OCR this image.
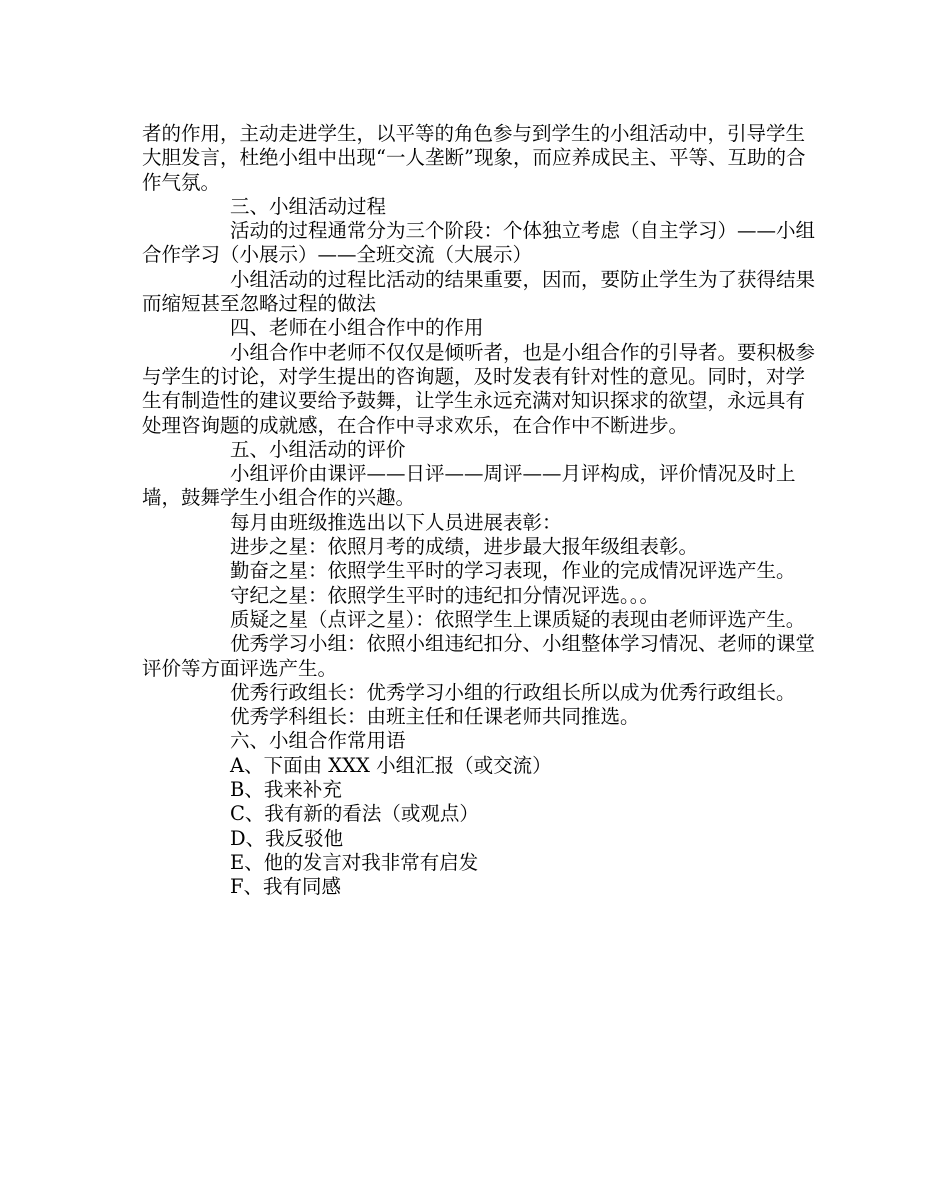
者的作用，主动走进学生，以平等的角色参与到学生的小组活动中，引导学生大胆发言，杜绝小组中出现“一人垄断”现象，而应养成民主、平等、互助的合作气氛。

三、小组活动过程

活动的过程通常分为三个阶段：个体独立考虑（自主学习）——小组合作学习（小展示）——全班交流（大展示）

小组活动的过程比活动的结果重要，因而，要防止学生为了获得结果而缩短甚至忽略过程的做法

四、老师在小组合作中的作用

小组合作中老师不仅仅是倾听者，也是小组合作的引导者。要积极参与学生的讨论，对学生提出的咨询题，及时发表有针对性的意见。同时，对学生有制造性的建议要给予鼓舞，让学生永远充满对知识探求的欲望，永远具有处理咨询题的成就感，在合作中寻求欢乐，在合作中不断进步。

五、小组活动的评价

小组评价由课评——日评——周评——月评构成，评价情况及时上墙，鼓舞学生小组合作的兴趣。

每月由班级推选出以下人员进展表彰：

进步之星：依照月考的成绩，进步最大报年级组表彰。

勤奋之星：依照学生平时的学习表现，作业的完成情况评选产生。

守纪之星：依照学生平时的违纪扣分情况评选。。。

质疑之星（点评之星）：依照学生上课质疑的表现由老师评选产生。

优秀学习小组：依照小组违纪扣分、小组整体学习情况、老师的课堂评价等方面评选产生。

优秀行政组长：优秀学习小组的行政组长所以成为优秀行政组长。

优秀学科组长：由班主任和任课老师共同推选。

六、小组合作常用语

A、下面由 XXX 小组汇报（或交流）

B、我来补充

C、我有新的看法（或观点）

D、我反驳他

E、他的发言对我非常有启发

F、我有同感
